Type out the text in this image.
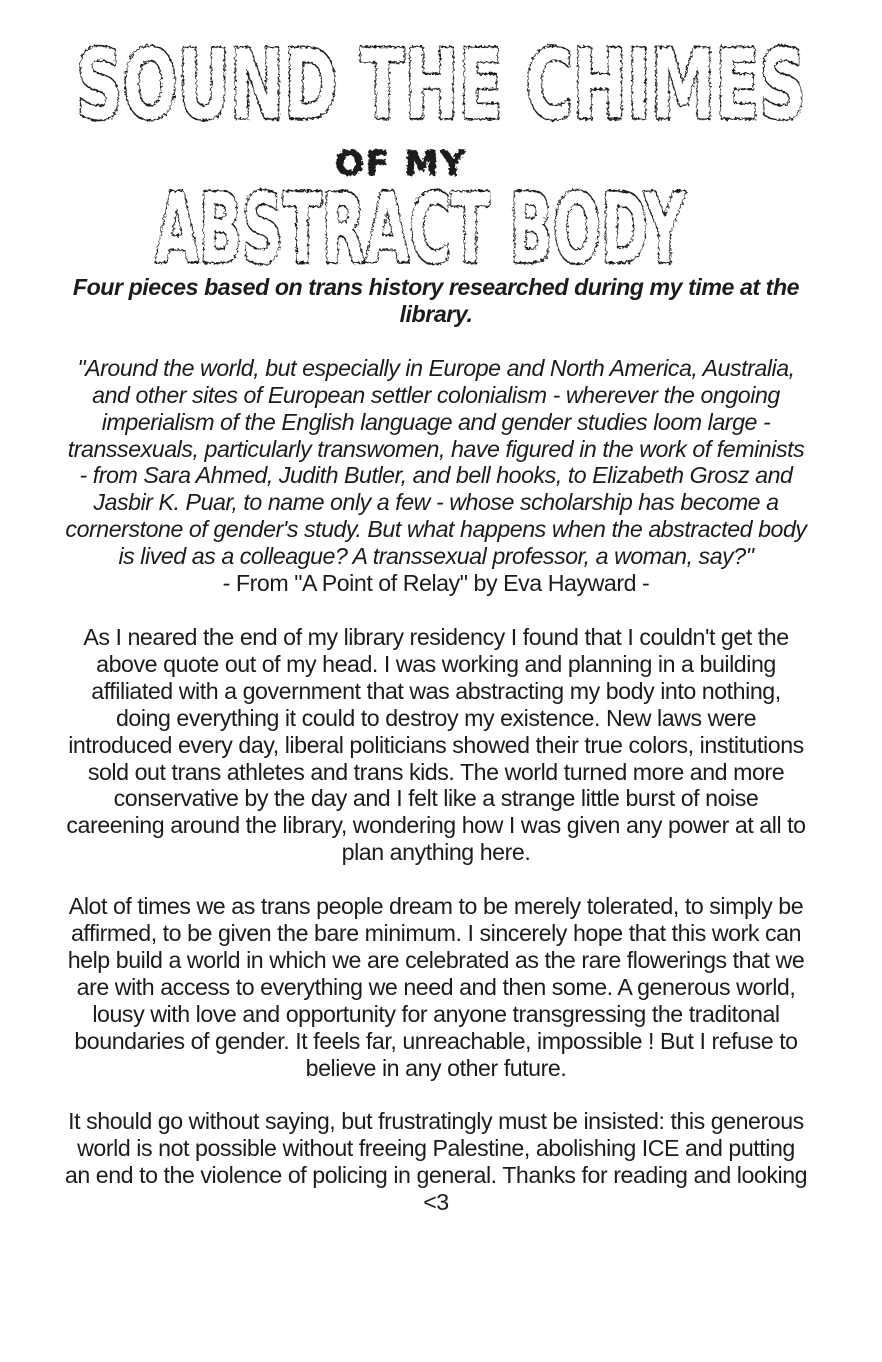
SOUND THE CHIMES
OF MY
ABSTRACT BODY

Four pieces based on trans history researched during my time at the library.

"Around the world, but especially in Europe and North America, Australia, and other sites of European settler colonialism - wherever the ongoing imperialism of the English language and gender studies loom large - transsexuals, particularly transwomen, have figured in the work of feminists - from Sara Ahmed, Judith Butler, and bell hooks, to Elizabeth Grosz and Jasbir K. Puar, to name only a few - whose scholarship has become a cornerstone of gender's study. But what happens when the abstracted body is lived as a colleague? A transsexual professor, a woman, say?"

- From "A Point of Relay" by Eva Hayward -

As I neared the end of my library residency I found that I couldn't get the above quote out of my head. I was working and planning in a building affiliated with a government that was abstracting my body into nothing, doing everything it could to destroy my existence. New laws were introduced every day, liberal politicians showed their true colors, institutions sold out trans athletes and trans kids. The world turned more and more conservative by the day and I felt like a strange little burst of noise careening around the library, wondering how I was given any power at all to plan anything here.

Alot of times we as trans people dream to be merely tolerated, to simply be affirmed, to be given the bare minimum. I sincerely hope that this work can help build a world in which we are celebrated as the rare flowerings that we are with access to everything we need and then some. A generous world, lousy with love and opportunity for anyone transgressing the traditonal boundaries of gender. It feels far, unreachable, impossible ! But I refuse to believe in any other future.

It should go without saying, but frustratingly must be insisted: this generous world is not possible without freeing Palestine, abolishing ICE and putting an end to the violence of policing in general. Thanks for reading and looking <3
